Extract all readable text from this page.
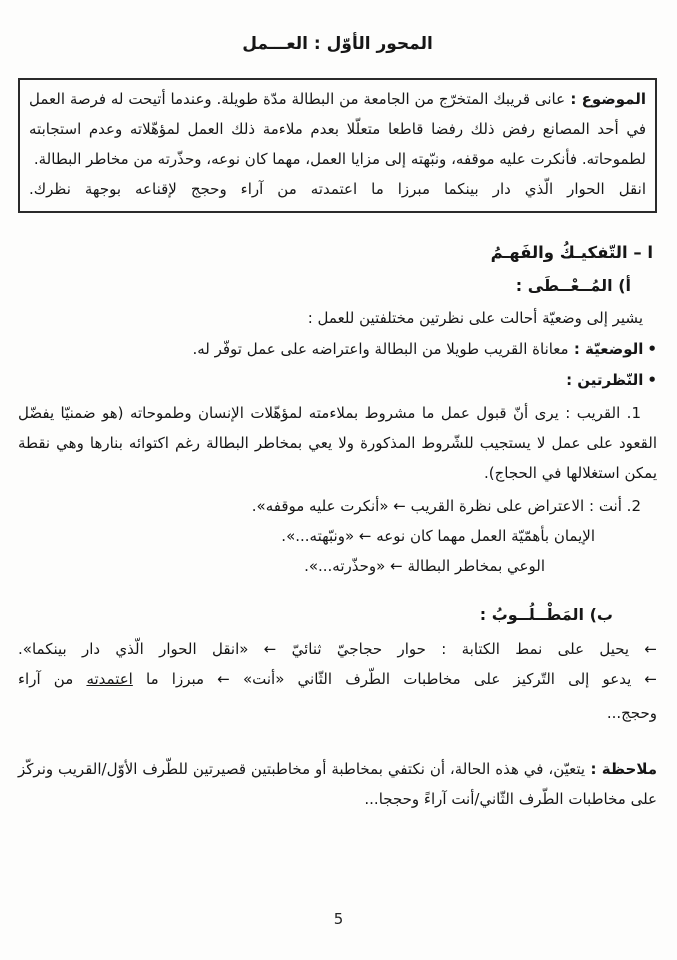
المحور الأوّل : العـــمل

الموضوع : عانى قريبك المتخرّج من الجامعة من البطالة مدّة طويلة. وعندما أتيحت له فرصة العمل في أحد المصانع رفض ذلك رفضا قاطعا متعلّلا بعدم ملاءمة ذلك العمل لمؤهّلاته وعدم استجابته لطموحاته. فأنكرت عليه موقفه، ونبّهته إلى مزايا العمل، مهما كان نوعه، وحذّرته من مخاطر البطالة.

انقل الحوار الّذي دار بينكما مبرزا ما اعتمدته من آراء وحجج لإقناعه بوجهة نظرك.

ا – التّفكيـكُ والفَهـمُ
أ) المُــعْــطَى :

يشير إلى وضعيّة أحالت على نظرتين مختلفتين للعمل :

•الوضعيّة : معاناة القريب طويلا من البطالة واعتراضه على عمل توفّر له.

•النّظرتين :

1. القريب : يرى أنّ قبول عمل ما مشروط بملاءمته لمؤهّلات الإنسان وطموحاته (هو ضمنيّا يفضّل القعود على عمل لا يستجيب للشّروط المذكورة ولا يعي بمخاطر البطالة رغم اكتوائه بنارها وهي نقطة يمكن استغلالها في الحجاج).

2. أنت : الاعتراض على نظرة القريب ← «أنكرت عليه موقفه».

الإيمان بأهمّيّة العمل مهما كان نوعه ← «ونبّهته...».

الوعي بمخاطر البطالة ← «وحذّرته...».

ب) المَطْــلُــوبُ :

← يحيل على نمط الكتابة : حوار حجاجيّ ثنائيّ ← «انقل الحوار الّذي دار بينكما».

← يدعو إلى التّركيز على مخاطبات الطّرف الثّاني «أنت» ← مبرزا ما اعتمدته من آراء

وحجج...

ملاحظة : يتعيّن، في هذه الحالة، أن نكتفي بمخاطبة أو مخاطبتين قصيرتين للطّرف الأوّل/القريب ونركّز على مخاطبات الطّرف الثّاني/أنت آراءً وحججا...

5
